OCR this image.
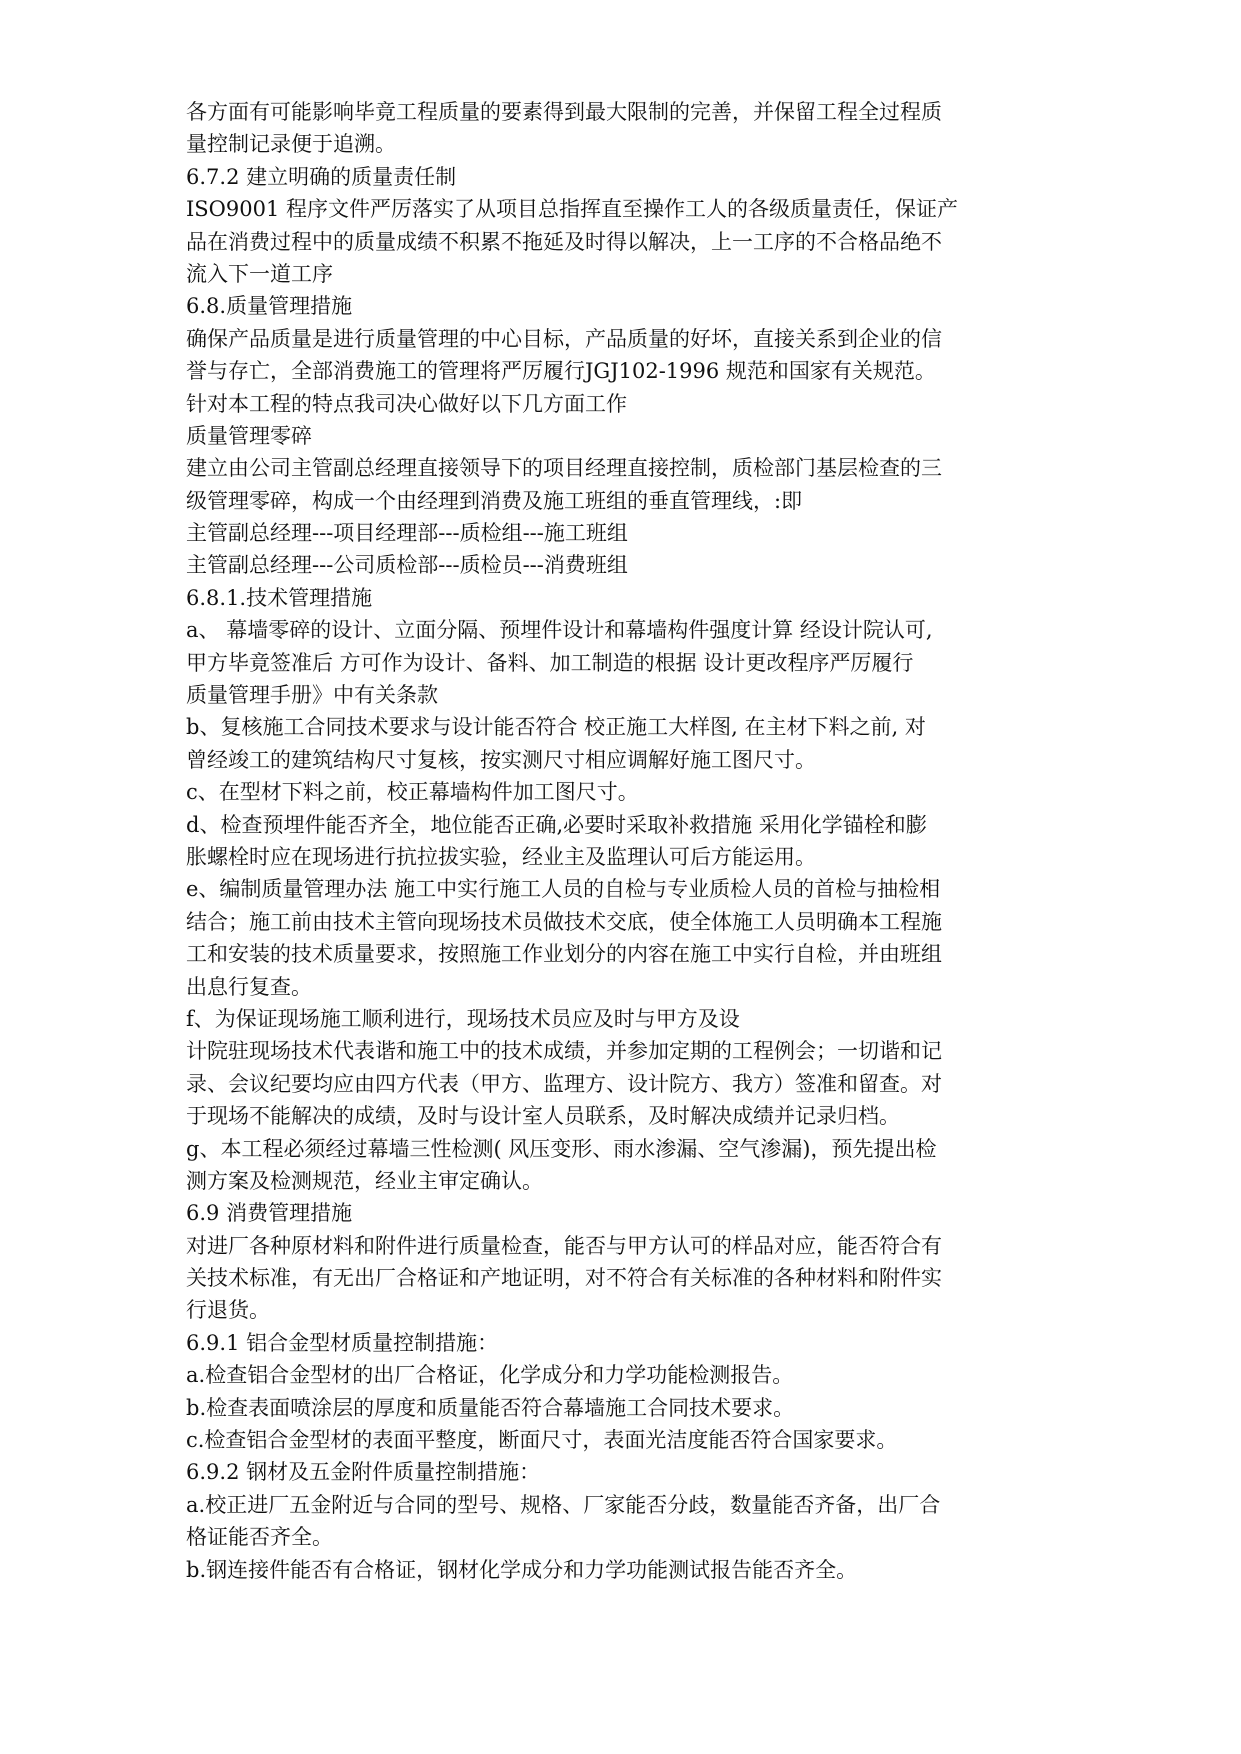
各方面有可能影响毕竟工程质量的要素得到最大限制的完善，并保留工程全过程质
量控制记录便于追溯。
6.7.2 建立明确的质量责任制
ISO9001 程序文件严厉落实了从项目总指挥直至操作工人的各级质量责任，保证产
品在消费过程中的质量成绩不积累不拖延及时得以解决，上一工序的不合格品绝不
流入下一道工序
6.8.质量管理措施
确保产品质量是进行质量管理的中心目标，产品质量的好坏，直接关系到企业的信
誉与存亡，全部消费施工的管理将严厉履行JGJ102-1996 规范和国家有关规范。
针对本工程的特点我司决心做好以下几方面工作
质量管理零碎
建立由公司主管副总经理直接领导下的项目经理直接控制，质检部门基层检查的三
级管理零碎，构成一个由经理到消费及施工班组的垂直管理线，:即
主管副总经理---项目经理部---质检组---施工班组
主管副总经理---公司质检部---质检员---消费班组
6.8.1.技术管理措施
a、 幕墙零碎的设计、立面分隔、预埋件设计和幕墙构件强度计算 经设计院认可,
甲方毕竟签准后 方可作为设计、备料、加工制造的根据 设计更改程序严厉履行
质量管理手册》中有关条款
b、复核施工合同技术要求与设计能否符合 校正施工大样图, 在主材下料之前, 对
曾经竣工的建筑结构尺寸复核，按实测尺寸相应调解好施工图尺寸。
c、在型材下料之前，校正幕墙构件加工图尺寸。
d、检查预埋件能否齐全，地位能否正确,必要时采取补救措施 采用化学锚栓和膨
胀螺栓时应在现场进行抗拉拔实验，经业主及监理认可后方能运用。
e、编制质量管理办法 施工中实行施工人员的自检与专业质检人员的首检与抽检相
结合；施工前由技术主管向现场技术员做技术交底，使全体施工人员明确本工程施
工和安装的技术质量要求，按照施工作业划分的内容在施工中实行自检，并由班组
出息行复查。
f、为保证现场施工顺利进行，现场技术员应及时与甲方及设
计院驻现场技术代表谐和施工中的技术成绩，并参加定期的工程例会；一切谐和记
录、会议纪要均应由四方代表（甲方、监理方、设计院方、我方）签准和留查。对
于现场不能解决的成绩，及时与设计室人员联系，及时解决成绩并记录归档。
g、本工程必须经过幕墙三性检测( 风压变形、雨水渗漏、空气渗漏)，预先提出检
测方案及检测规范，经业主审定确认。
6.9 消费管理措施
对进厂各种原材料和附件进行质量检查，能否与甲方认可的样品对应，能否符合有
关技术标准，有无出厂合格证和产地证明，对不符合有关标准的各种材料和附件实
行退货。
6.9.1 铝合金型材质量控制措施：
a.检查铝合金型材的出厂合格证，化学成分和力学功能检测报告。
b.检查表面喷涂层的厚度和质量能否符合幕墙施工合同技术要求。
c.检查铝合金型材的表面平整度，断面尺寸，表面光洁度能否符合国家要求。
6.9.2 钢材及五金附件质量控制措施：
a.校正进厂五金附近与合同的型号、规格、厂家能否分歧，数量能否齐备，出厂合
格证能否齐全。
b.钢连接件能否有合格证，钢材化学成分和力学功能测试报告能否齐全。
